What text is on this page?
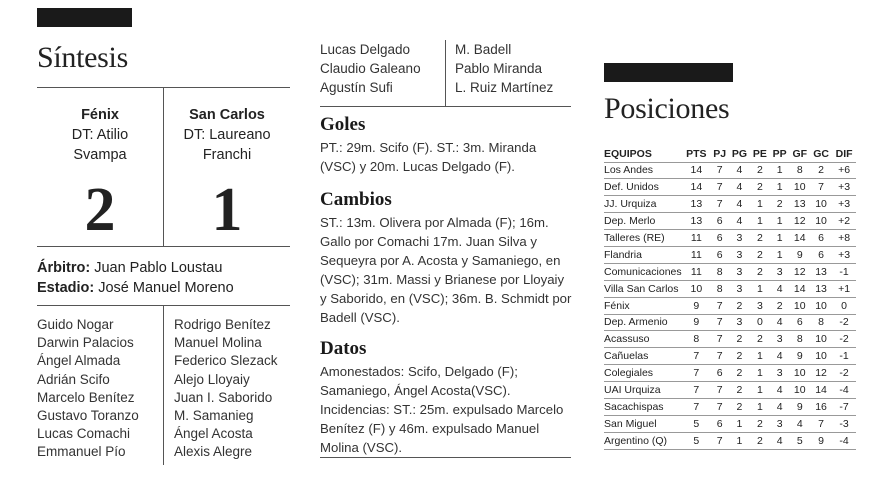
Síntesis
Fénix
DT: Atilio
Svampa
2
San Carlos
DT: Laureano
Franchi
1
Árbitro: Juan Pablo Loustau
Estadio: José Manuel Moreno
Guido Nogar
Darwin Palacios
Ángel Almada
Adrián Scifo
Marcelo Benítez
Gustavo Toranzo
Lucas Comachi
Emmanuel Pío
Rodrigo Benítez
Manuel Molina
Federico Slezack
Alejo Lloyaiy
Juan I. Saborido
M. Samanieg
Ángel Acosta
Alexis Alegre
Lucas Delgado
Claudio Galeano
Agustín Sufi
M. Badell
Pablo Miranda
L. Ruiz Martínez
Goles
PT.: 29m. Scifo (F). ST.: 3m. Miranda (VSC) y 20m. Lucas Delgado (F).
Cambios
ST.: 13m. Olivera por Almada (F); 16m. Gallo por Comachi 17m. Juan Silva y Sequeyra por A. Acosta y Samaniego, en (VSC); 31m. Massi y Brianese por Lloyaiy y Saborido, en (VSC); 36m. B. Schmidt por Badell (VSC).
Datos
Amonestados: Scifo, Delgado (F); Samaniego, Ángel Acosta(VSC).
Incidencias: ST.: 25m. expulsado Marcelo Benítez (F) y 46m. expulsado Manuel Molina (VSC).
Posiciones
EQUIPOS	PTS	PJ	PG	PE	PP	GF	GC	DIF
Los Andes	14	7	4	2	1	8	2	+6
Def. Unidos	14	7	4	2	1	10	7	+3
JJ. Urquiza	13	7	4	1	2	13	10	+3
Dep. Merlo	13	6	4	1	1	12	10	+2
Talleres (RE)	11	6	3	2	1	14	6	+8
Flandria	11	6	3	2	1	9	6	+3
Comunicaciones	11	8	3	2	3	12	13	-1
Villa San Carlos	10	8	3	1	4	14	13	+1
Fénix	9	7	2	3	2	10	10	0
Dep. Armenio	9	7	3	0	4	6	8	-2
Acassuso	8	7	2	2	3	8	10	-2
Cañuelas	7	7	2	1	4	9	10	-1
Colegiales	7	6	2	1	3	10	12	-2
UAI Urquiza	7	7	2	1	4	10	14	-4
Sacachispas	7	7	2	1	4	9	16	-7
San Miguel	5	6	1	2	3	4	7	-3
Argentino (Q)	5	7	1	2	4	5	9	-4
